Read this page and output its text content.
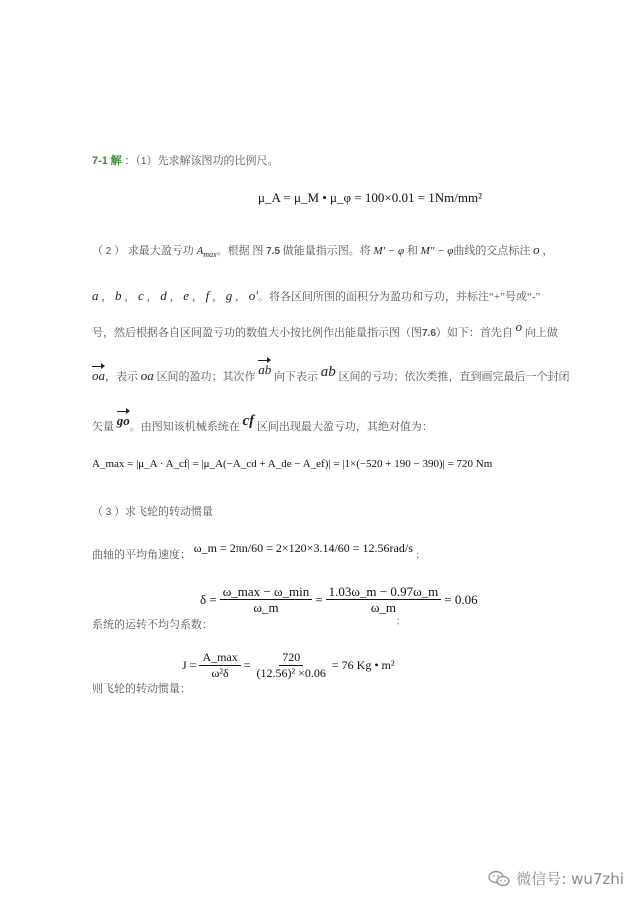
7-1 解 ：（1）先求解该图功的比例尺。
μ_A = μ_M • μ_φ = 100×0.01 = 1Nm/mm²
（ 2 ） 求最大盈亏功 $A_{max}$。根据 图 7.5 做能量指示图。将 M′ − φ 和 M″ − φ曲线的交点标注 o ，
a ， b ， c ， d ， e ， f ， g ， o′。将各区间所围的面积分为盈功和亏功，并标注“+”号或“-”
号，然后根据各自区间盈亏功的数值大小按比例作出能量指示图（图7.6）如下：首先自 o 向上做
oa，表示 oa 区间的盈功；其次作 ab 向下表示 ab 区间的亏功；依次类推，直到画完最后一个封闭
矢量 go。由图知该机械系统在 cf 区间出现最大盈亏功，其绝对值为：
A_max = |μ_A · A_cf| = |μ_A(−A_cd + A_de − A_ef)| = |1×(−520 + 190 − 390)| = 720 Nm
（ 3 ）求飞轮的转动惯量
曲轴的平均角速度： ω_m = 2πn/60 = 2×120×3.14/60 = 12.56rad/s ；
$\delta = \frac{\omega\_\max - \omega\_\min}{\omega\_m} = \frac{1.03\omega\_m - 0.97\omega\_m}{\omega\_m} = 0.06$
系统的运转不均匀系数：	；
$J = \frac{A\_\max}{\text{ω²δ}} = \frac{720}{\text{(12.56)² ×0.06}} = 76$ Kg • m²
则飞轮的转动惯量：
微信号: wu7zhi
